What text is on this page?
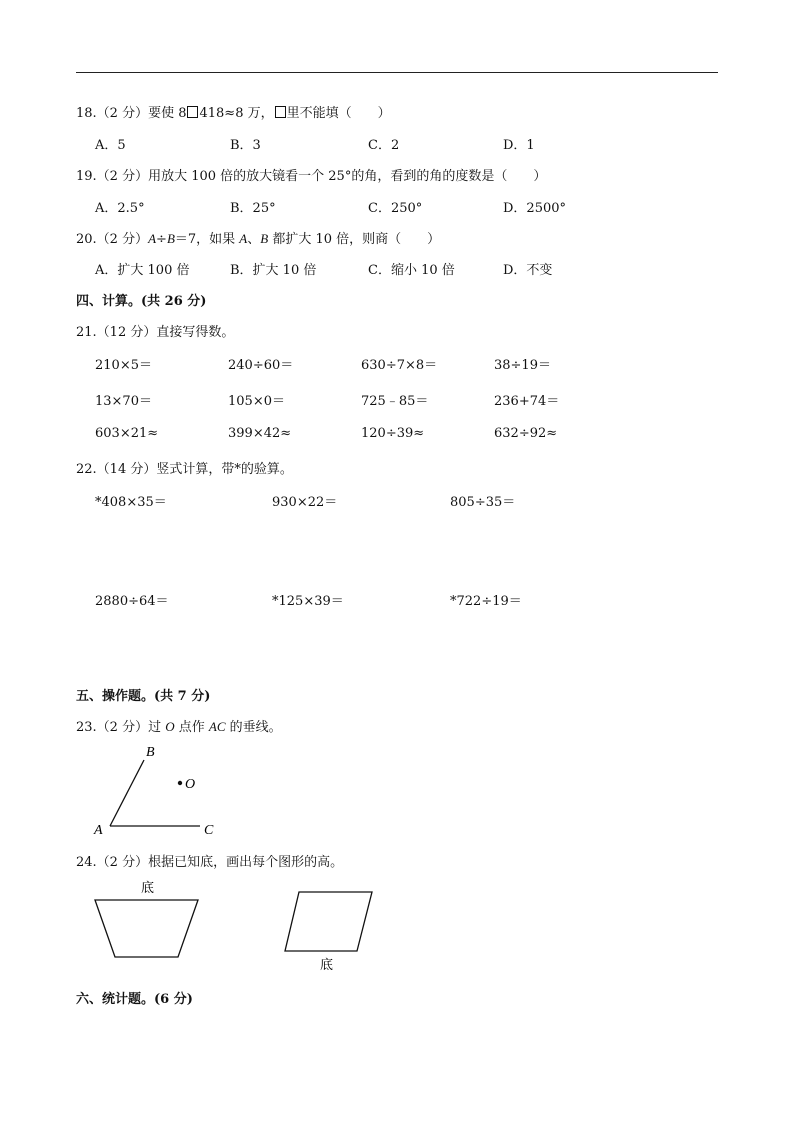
18.（2 分）要使 8 418≈8 万， 里不能填（　　）
A．5	B．3	C．2	D．1
19.（2 分）用放大 100 倍的放大镜看一个 25°的角，看到的角的度数是（　　）
A．2.5°	B．25°	C．250°	D．2500°
20.（2 分）A÷B＝7，如果 A、B 都扩大 10 倍，则商（　　）
A．扩大 100 倍	B．扩大 10 倍	C．缩小 10 倍	D．不变
四、计算。(共 26 分)
21.（12 分）直接写得数。
210×5＝	240÷60＝	630÷7×8＝	38÷19＝
13×70＝	105×0＝	725﹣85＝	236+74＝
603×21≈	399×42≈	120÷39≈	632÷92≈
22.（14 分）竖式计算，带*的验算。
*408×35＝	930×22＝	805÷35＝
2880÷64＝	*125×39＝	*722÷19＝
五、操作题。(共 7 分)
23.（2 分）过 O 点作 AC 的垂线。
B
O
A	C
底
底
24.（2 分）根据已知底，画出每个图形的高。
六、统计题。(6 分)
